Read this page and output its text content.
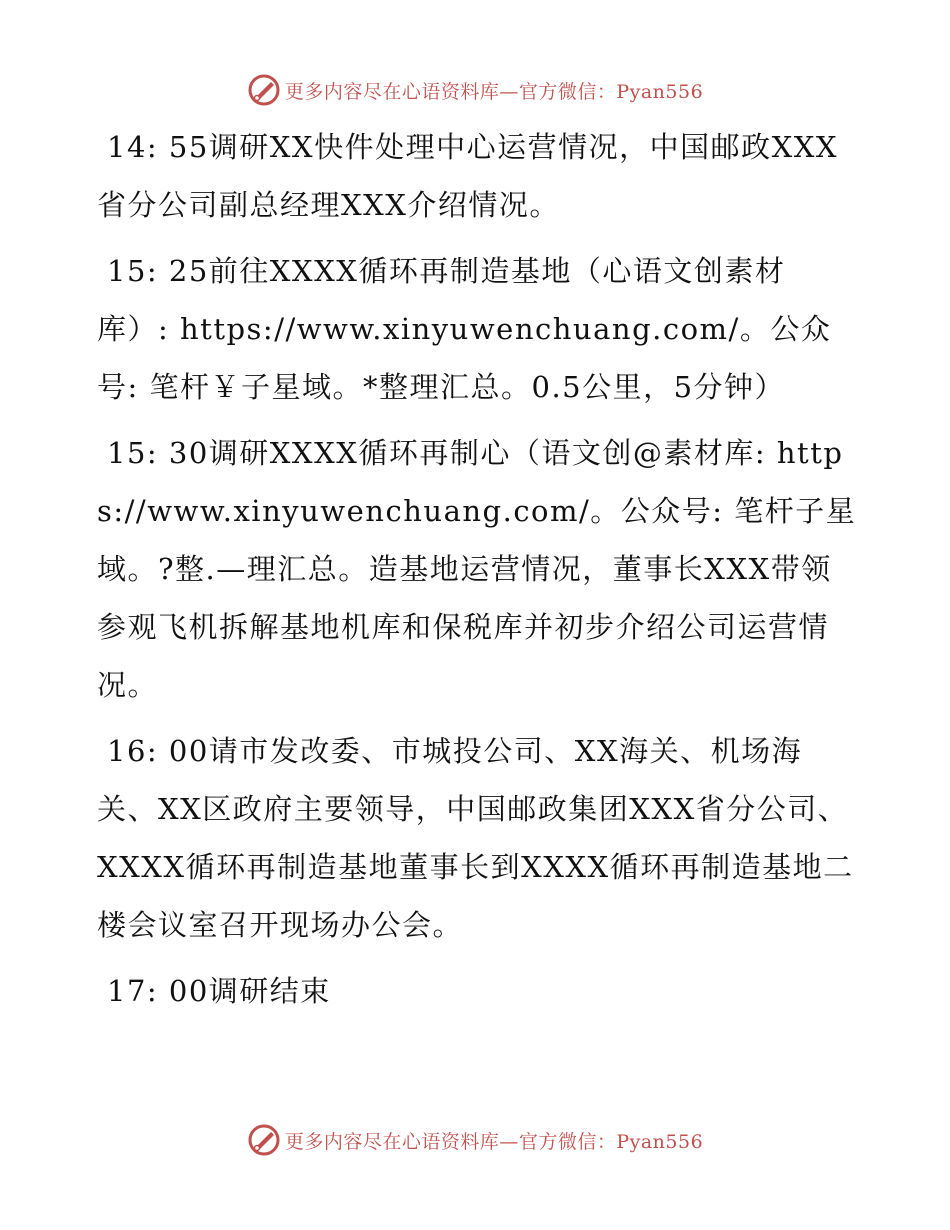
更多内容尽在心语资料库—官方微信：Pyan556

14: 55调研XX快件处理中心运营情况，中国邮政XXX省分公司副总经理XXX介绍情况。

15: 25前往XXXX循环再制造基地（心语文创素材库）: https://www.xinyuwenchuang.com/。公众号: 笔杆￥子星域。*整理汇总。0.5公里，5分钟）

15: 30调研XXXX循环再制心（语文创@素材库: https://www.xinyuwenchuang.com/。公众号: 笔杆子星域。?整.—理汇总。造基地运营情况，董事长XXX带领参观飞机拆解基地机库和保税库并初步介绍公司运营情况。

16: 00请市发改委、市城投公司、XX海关、机场海关、XX区政府主要领导，中国邮政集团XXX省分公司、XXXX循环再制造基地董事长到XXXX循环再制造基地二楼会议室召开现场办公会。

17: 00调研结束

更多内容尽在心语资料库—官方微信：Pyan556
